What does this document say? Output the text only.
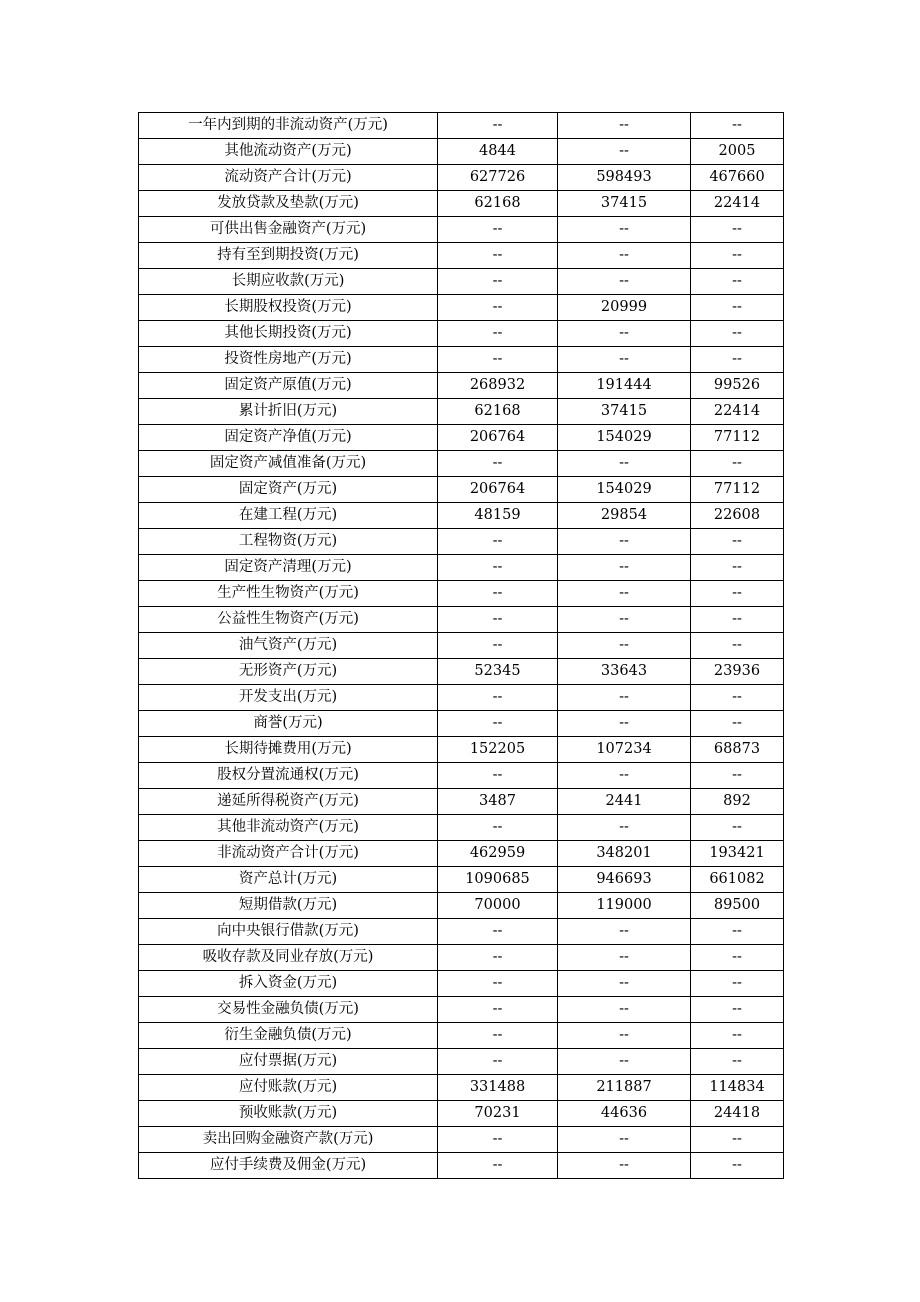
一年内到期的非流动资产(万元)	--	--	--
其他流动资产(万元)	4844	--	2005
流动资产合计(万元)	627726	598493	467660
发放贷款及垫款(万元)	62168	37415	22414
可供出售金融资产(万元)	--	--	--
持有至到期投资(万元)	--	--	--
长期应收款(万元)	--	--	--
长期股权投资(万元)	--	20999	--
其他长期投资(万元)	--	--	--
投资性房地产(万元)	--	--	--
固定资产原值(万元)	268932	191444	99526
累计折旧(万元)	62168	37415	22414
固定资产净值(万元)	206764	154029	77112
固定资产减值准备(万元)	--	--	--
固定资产(万元)	206764	154029	77112
在建工程(万元)	48159	29854	22608
工程物资(万元)	--	--	--
固定资产清理(万元)	--	--	--
生产性生物资产(万元)	--	--	--
公益性生物资产(万元)	--	--	--
油气资产(万元)	--	--	--
无形资产(万元)	52345	33643	23936
开发支出(万元)	--	--	--
商誉(万元)	--	--	--
长期待摊费用(万元)	152205	107234	68873
股权分置流通权(万元)	--	--	--
递延所得税资产(万元)	3487	2441	892
其他非流动资产(万元)	--	--	--
非流动资产合计(万元)	462959	348201	193421
资产总计(万元)	1090685	946693	661082
短期借款(万元)	70000	119000	89500
向中央银行借款(万元)	--	--	--
吸收存款及同业存放(万元)	--	--	--
拆入资金(万元)	--	--	--
交易性金融负债(万元)	--	--	--
衍生金融负债(万元)	--	--	--
应付票据(万元)	--	--	--
应付账款(万元)	331488	211887	114834
预收账款(万元)	70231	44636	24418
卖出回购金融资产款(万元)	--	--	--
应付手续费及佣金(万元)	--	--	--
